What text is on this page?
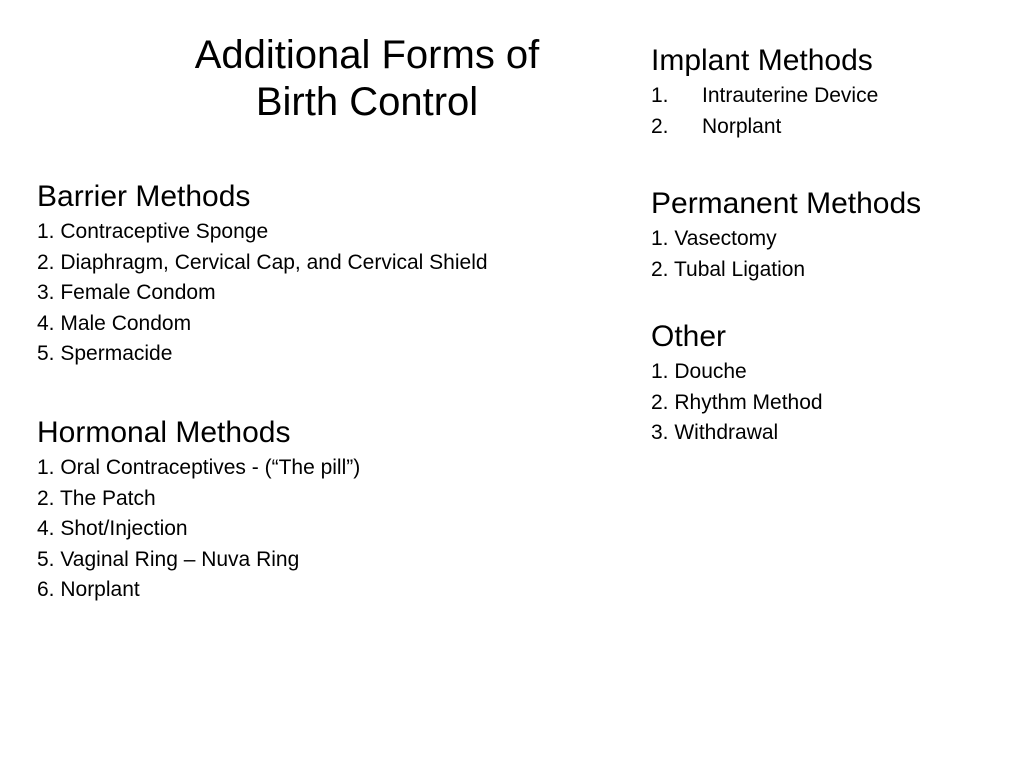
Additional Forms of
Birth Control
Barrier Methods
1. Contraceptive Sponge
2. Diaphragm, Cervical Cap, and Cervical Shield
3. Female Condom
4. Male Condom
5. Spermacide
Hormonal Methods
1. Oral Contraceptives - (“The pill”)
2. The Patch
4. Shot/Injection
5. Vaginal Ring – Nuva Ring
6. Norplant
Implant Methods
1. Intrauterine Device
2. Norplant
Permanent Methods
1. Vasectomy
2. Tubal Ligation
Other
1. Douche
2. Rhythm Method
3. Withdrawal
